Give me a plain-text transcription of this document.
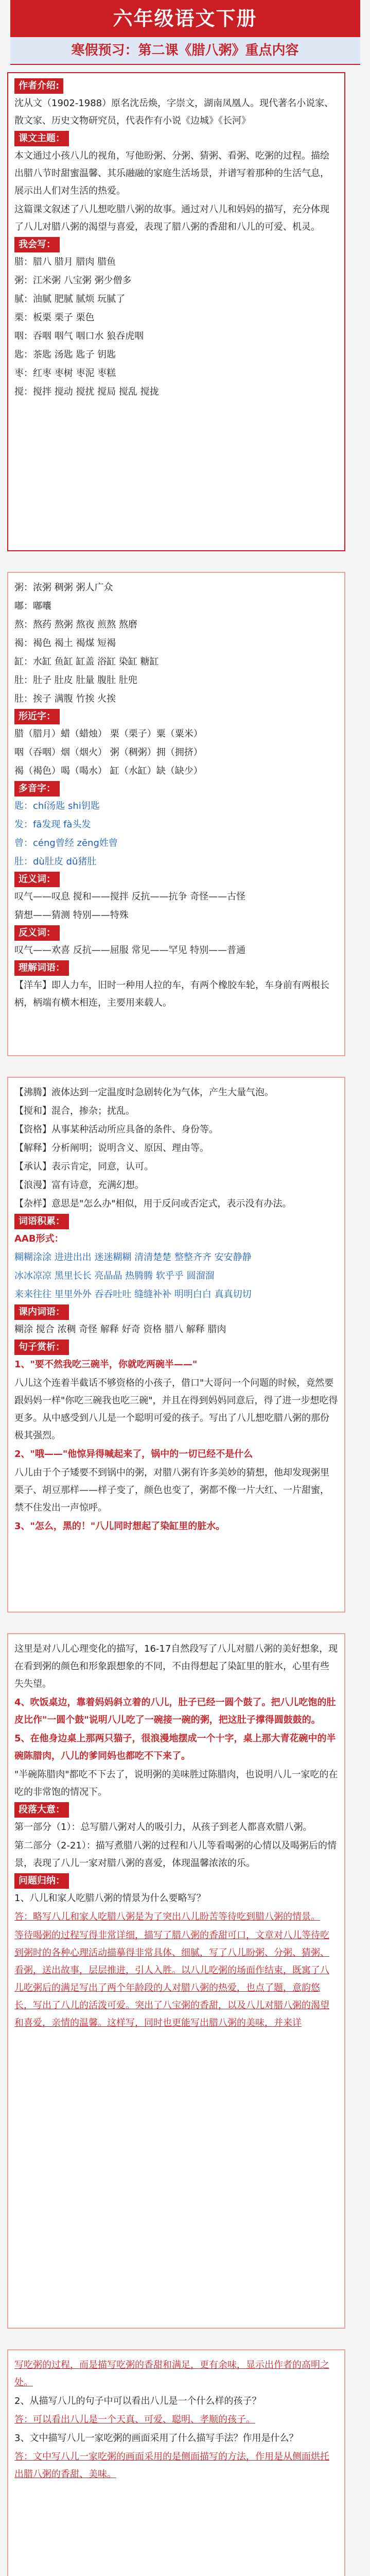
六年级语文下册
寒假预习：第二课《腊八粥》重点内容
作者介绍:
沈从文（1902-1988）原名沈岳焕，字崇文，湖南凤凰人。现代著名小说家、散文家、历史文物研究员，代表作有小说《边城》《长河》
课文主题：
本文通过小孩八儿的视角，写他盼粥、分粥、猜粥、看粥、吃粥的过程。描绘出腊八节时甜蜜温馨、其乐融融的家庭生活场景，并谱写着那种的生活气息，展示出人们对生活的热爱。
这篇课文叙述了八儿想吃腊八粥的故事。通过对八儿和妈妈的描写，充分体现了八儿对腊八粥的渴望与喜爱，表现了腊八粥的香甜和八儿的可爱、机灵。
我会写：
腊：腊八 腊月 腊肉 腊鱼
粥：江米粥 八宝粥 粥少僧多
腻：油腻 肥腻 腻烦 玩腻了
栗：板栗 栗子 栗色
咽：吞咽 咽气 咽口水 狼吞虎咽
匙：茶匙 汤匙 匙子 钥匙
枣：红枣 枣树 枣泥 枣糕
搅：搅拌 搅动 搅扰 搅局 搅乱 搅拢
粥：浓粥 稠粥 粥人广众
嘟：嘟囔
熬：熬药 熬粥 熬夜 煎熬 熬磨
褐：褐色 褐土 褐煤 短褐
缸：水缸 鱼缸 缸盖 浴缸 染缸 糖缸
肚：肚子 肚皮 肚量 腹肚 肚兜
肚：挨子 满腹 竹挨 火挨
形近字：
腊（腊月）蜡（蜡烛） 栗（栗子）粟（粟米）
咽（吞咽）烟（烟火） 粥（稠粥）拥（拥挤）
褐（褐色）喝（喝水） 缸（水缸）缺（缺少）
多音字：
匙：chí汤匙 shi钥匙
发：fā发现 fà头发
曾：céng曾经 zēng姓曾
肚：dù肚皮 dǔ猪肚
近义词：
叹气——叹息 搅和——搅拌 反抗——抗争 奇怪——古怪
猜想——猜测 特别——特殊
反义词：
叹气——欢喜 反抗——屈服 常见——罕见 特别——普通
理解词语：
【洋车】即人力车，旧时一种用人拉的车，有两个橡胶车轮，车身前有两根长柄，柄端有横木相连，主要用来载人。
【沸腾】液体达到一定温度时急剧转化为气体，产生大量气泡。
【搅和】混合，掺杂；扰乱。
【资格】从事某种活动所应具备的条件、身份等。
【解释】分析阐明；说明含义、原因、理由等。
【承认】表示肯定，同意，认可。
【浪漫】富有诗意，充满幻想。
【杂样】意思是"怎么办"相似，用于反问或否定式，表示没有办法。
词语积累：
AAB形式：
糊糊涂涂 进进出出 迷迷糊糊 清清楚楚 整整齐齐 安安静静
冰冰凉凉 黑里长长 亮晶晶 热腾腾 软乎乎 圆溜溜
来来往往 里里外外 吞吞吐吐 缝缝补补 明明白白 真真切切
课内词语：
糊涂 搅合 浓稠 奇怪 解释 好奇 资格 腊八 解释 腊肉
句子赏析：
1、"要不然我吃三碗半，你就吃两碗半——"
八儿这个连着半截话不够资格的小孩子，借口"大哥问一个问题的时候，竟然要跟妈妈一样"你吃三碗我也吃三碗"，并且在得到妈妈同意后，得了进一步想吃得更多。从中感受到八儿是一个聪明可爱的孩子。写出了八儿想吃腊八粥的那份极其强烈。
2、"哦——"他惊异得喊起来了，锅中的一切已经不是什么
八儿由于个子矮要不到锅中的粥，对腊八粥有许多美妙的猜想，他却发现粥里栗子、胡豆那样——样子变了，颜色也变了，粥都不像一片大红、一片甜蜜，禁不住发出一声惊呼。
3、"怎么，黑的！"八儿同时想起了染缸里的脏水。
这里是对八儿心理变化的描写，16-17自然段写了八儿对腊八粥的美好想象，现在看到粥的颜色和形象跟想象的不同，不由得想起了染缸里的脏水，心里有些失失望。
4、吹饭桌边，靠着妈妈斜立着的八儿，肚子已经一圆个鼓了。把八儿吃饱的肚皮比作"一圆个鼓"说明八儿吃了一碗接一碗的粥，把这肚子撑得圆鼓鼓的。
5、在他身边桌上那两只猫子，很浪漫地摆成一个十字，桌上那大青花碗中的半碗陈腊肉，八儿的爹同妈也都吃不下来了。
"半碗陈腊肉"都吃不下去了，说明粥的美味胜过陈腊肉，也说明八儿一家吃的在吃的非常饱的情况下。
段落大意：
第一部分（1）：总写腊八粥对人的吸引力，从孩子到老人都喜欢腊八粥。
第二部分（2-21）：描写煮腊八粥的过程和八儿等看喝粥的心情以及喝粥后的情景，表现了八儿一家对腊八粥的喜爱，体现温馨浓浓的乐。
问题归纳：
1、八儿和家人吃腊八粥的情景为什么要略写？
答：略写八儿和家人吃腊八粥是为了突出八儿盼苦等待吃到腊八粥的情景。
等待喝粥的过程写得非常详细，描写了腊八粥的香甜可口，文章对八儿等待吃到粥时的各种心理活动描摹得非常具体、细腻，写了八儿盼粥、分粥、猜粥、看粥，送出故事，层层推进，引人入胜。以八儿吃粥的场面作结束，既寓了八儿吃粥后的满足写出了两个年龄段的人对腊八粥的热爱，也点了题，意韵悠长，写出了八儿的活泼可爱。突出了八宝粥的香甜，以及八儿对腊八粥的渴望和喜爱，亲情的温馨。这样写，同时也更能写出腊八粥的美味，并来详
写吃粥的过程，而是描写吃粥的香甜和满足，更有余味，显示出作者的高明之处。
2、从描写八儿的句子中可以看出八儿是一个什么样的孩子？
答：可以看出八儿是一个天真、可爱、聪明、孝顺的孩子。
3、文中描写八儿一家吃粥的画面采用了什么描写手法？作用是什么？
答：文中写八儿一家吃粥的画面采用的是侧面描写的方法，作用是从侧面烘托出腊八粥的香甜、美味。
